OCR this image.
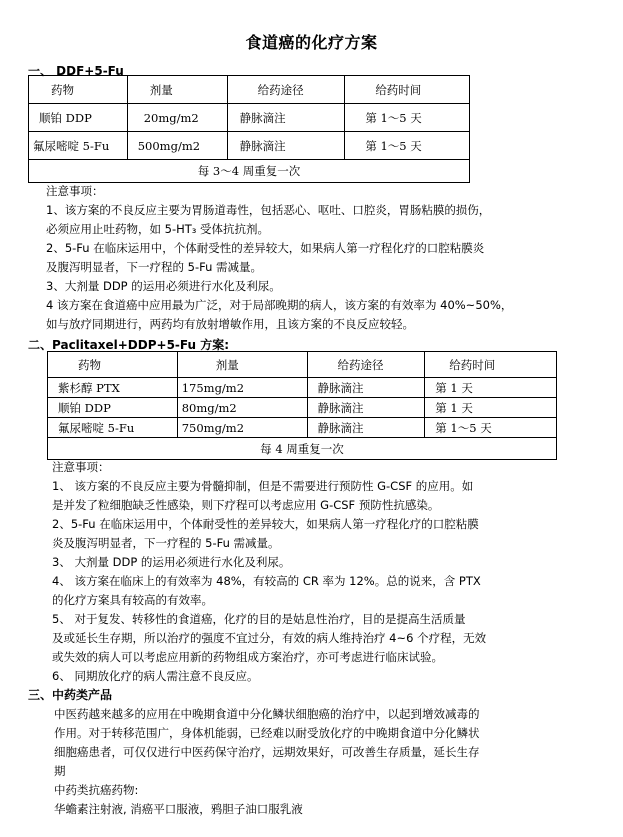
食道癌的化疗方案
一、 DDF+5-Fu
药物	剂量	给药途径	给药时间
顺铂 DDP	20mg/m2	静脉滴注	第 1～5 天
氟尿嘧啶 5-Fu	500mg/m2	静脉滴注	第 1～5 天
每 3～4 周重复一次			
注意事项：
1、该方案的不良反应主要为胃肠道毒性，包括恶心、呕吐、口腔炎，胃肠粘膜的损伤，
必须应用止吐药物，如 5-HT₃ 受体抗抗剂。
2、5-Fu 在临床运用中，个体耐受性的差异较大，如果病人第一疗程化疗的口腔粘膜炎
及腹泻明显者，下一疗程的 5-Fu 需减量。
3、大剂量 DDP 的运用必须进行水化及利尿。
4 该方案在食道癌中应用最为广泛，对于局部晚期的病人，该方案的有效率为 40%~50%，
如与放疗同期进行，两药均有放射增敏作用，且该方案的不良反应较轻。
二、Paclitaxel+DDP+5-Fu 方案:
药物	剂量	给药途径	给药时间
紫杉醇 PTX	175mg/m2	静脉滴注	第 1 天
顺铂 DDP	80mg/m2	静脉滴注	第 1 天
氟尿嘧啶 5-Fu	750mg/m2	静脉滴注	第 1～5 天
每 4 周重复一次			
注意事项：
1、 该方案的不良反应主要为骨髓抑制，但是不需要进行预防性 G-CSF 的应用。如
是并发了粒细胞缺乏性感染，则下疗程可以考虑应用 G-CSF 预防性抗感染。
2、5-Fu 在临床运用中，个体耐受性的差异较大，如果病人第一疗程化疗的口腔粘膜
炎及腹泻明显者，下一疗程的 5-Fu 需减量。
3、 大剂量 DDP 的运用必须进行水化及利尿。
4、 该方案在临床上的有效率为 48%，有较高的 CR 率为 12%。总的说来，含 PTX
的化疗方案具有较高的有效率。
5、 对于复发、转移性的食道癌，化疗的目的是姑息性治疗，目的是提高生活质量
及或延长生存期，所以治疗的强度不宜过分，有效的病人维持治疗 4~6 个疗程，无效
或失效的病人可以考虑应用新的药物组成方案治疗，亦可考虑进行临床试验。
6、 同期放化疗的病人需注意不良反应。
三、中药类产品
中医药越来越多的应用在中晚期食道中分化鳞状细胞癌的治疗中，以起到增效减毒的
作用。对于转移范围广，身体机能弱，已经难以耐受放化疗的中晚期食道中分化鳞状
细胞癌患者，可仅仅进行中医药保守治疗，远期效果好，可改善生存质量，延长生存
期
中药类抗癌药物:
华蟾素注射液, 消癌平口服液，鸦胆子油口服乳液
